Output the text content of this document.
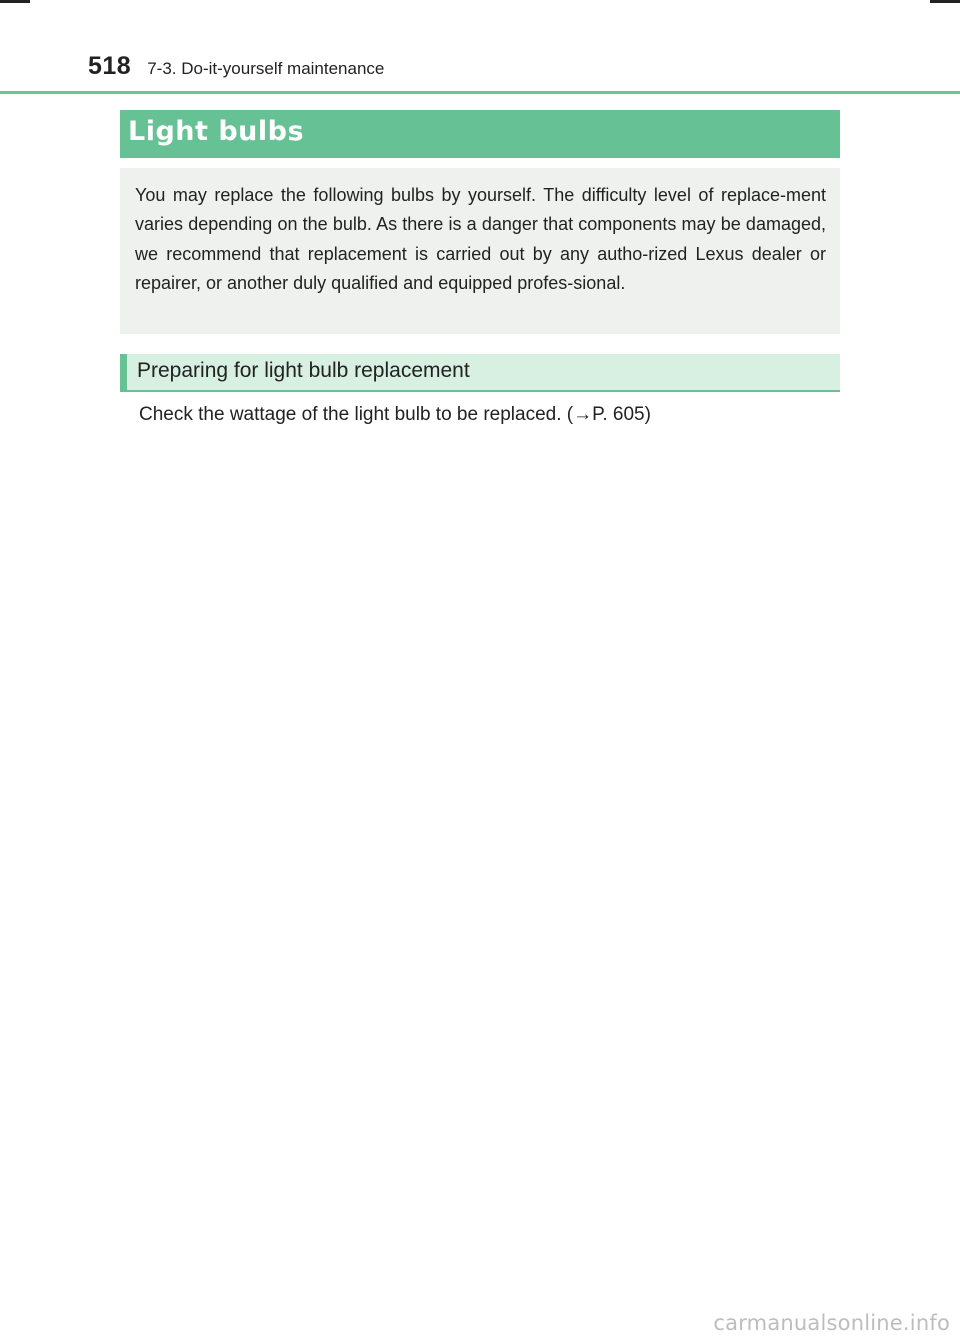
518 7-3. Do-it-yourself maintenance
Light bulbs

You may replace the following bulbs by yourself. The difficulty level of replace-ment varies depending on the bulb. As there is a danger that components may be damaged, we recommend that replacement is carried out by any autho-rized Lexus dealer or repairer, or another duly qualified and equipped profes-sional.

Preparing for light bulb replacement
Check the wattage of the light bulb to be replaced. (→P. 605)
carmanualsonline.info
